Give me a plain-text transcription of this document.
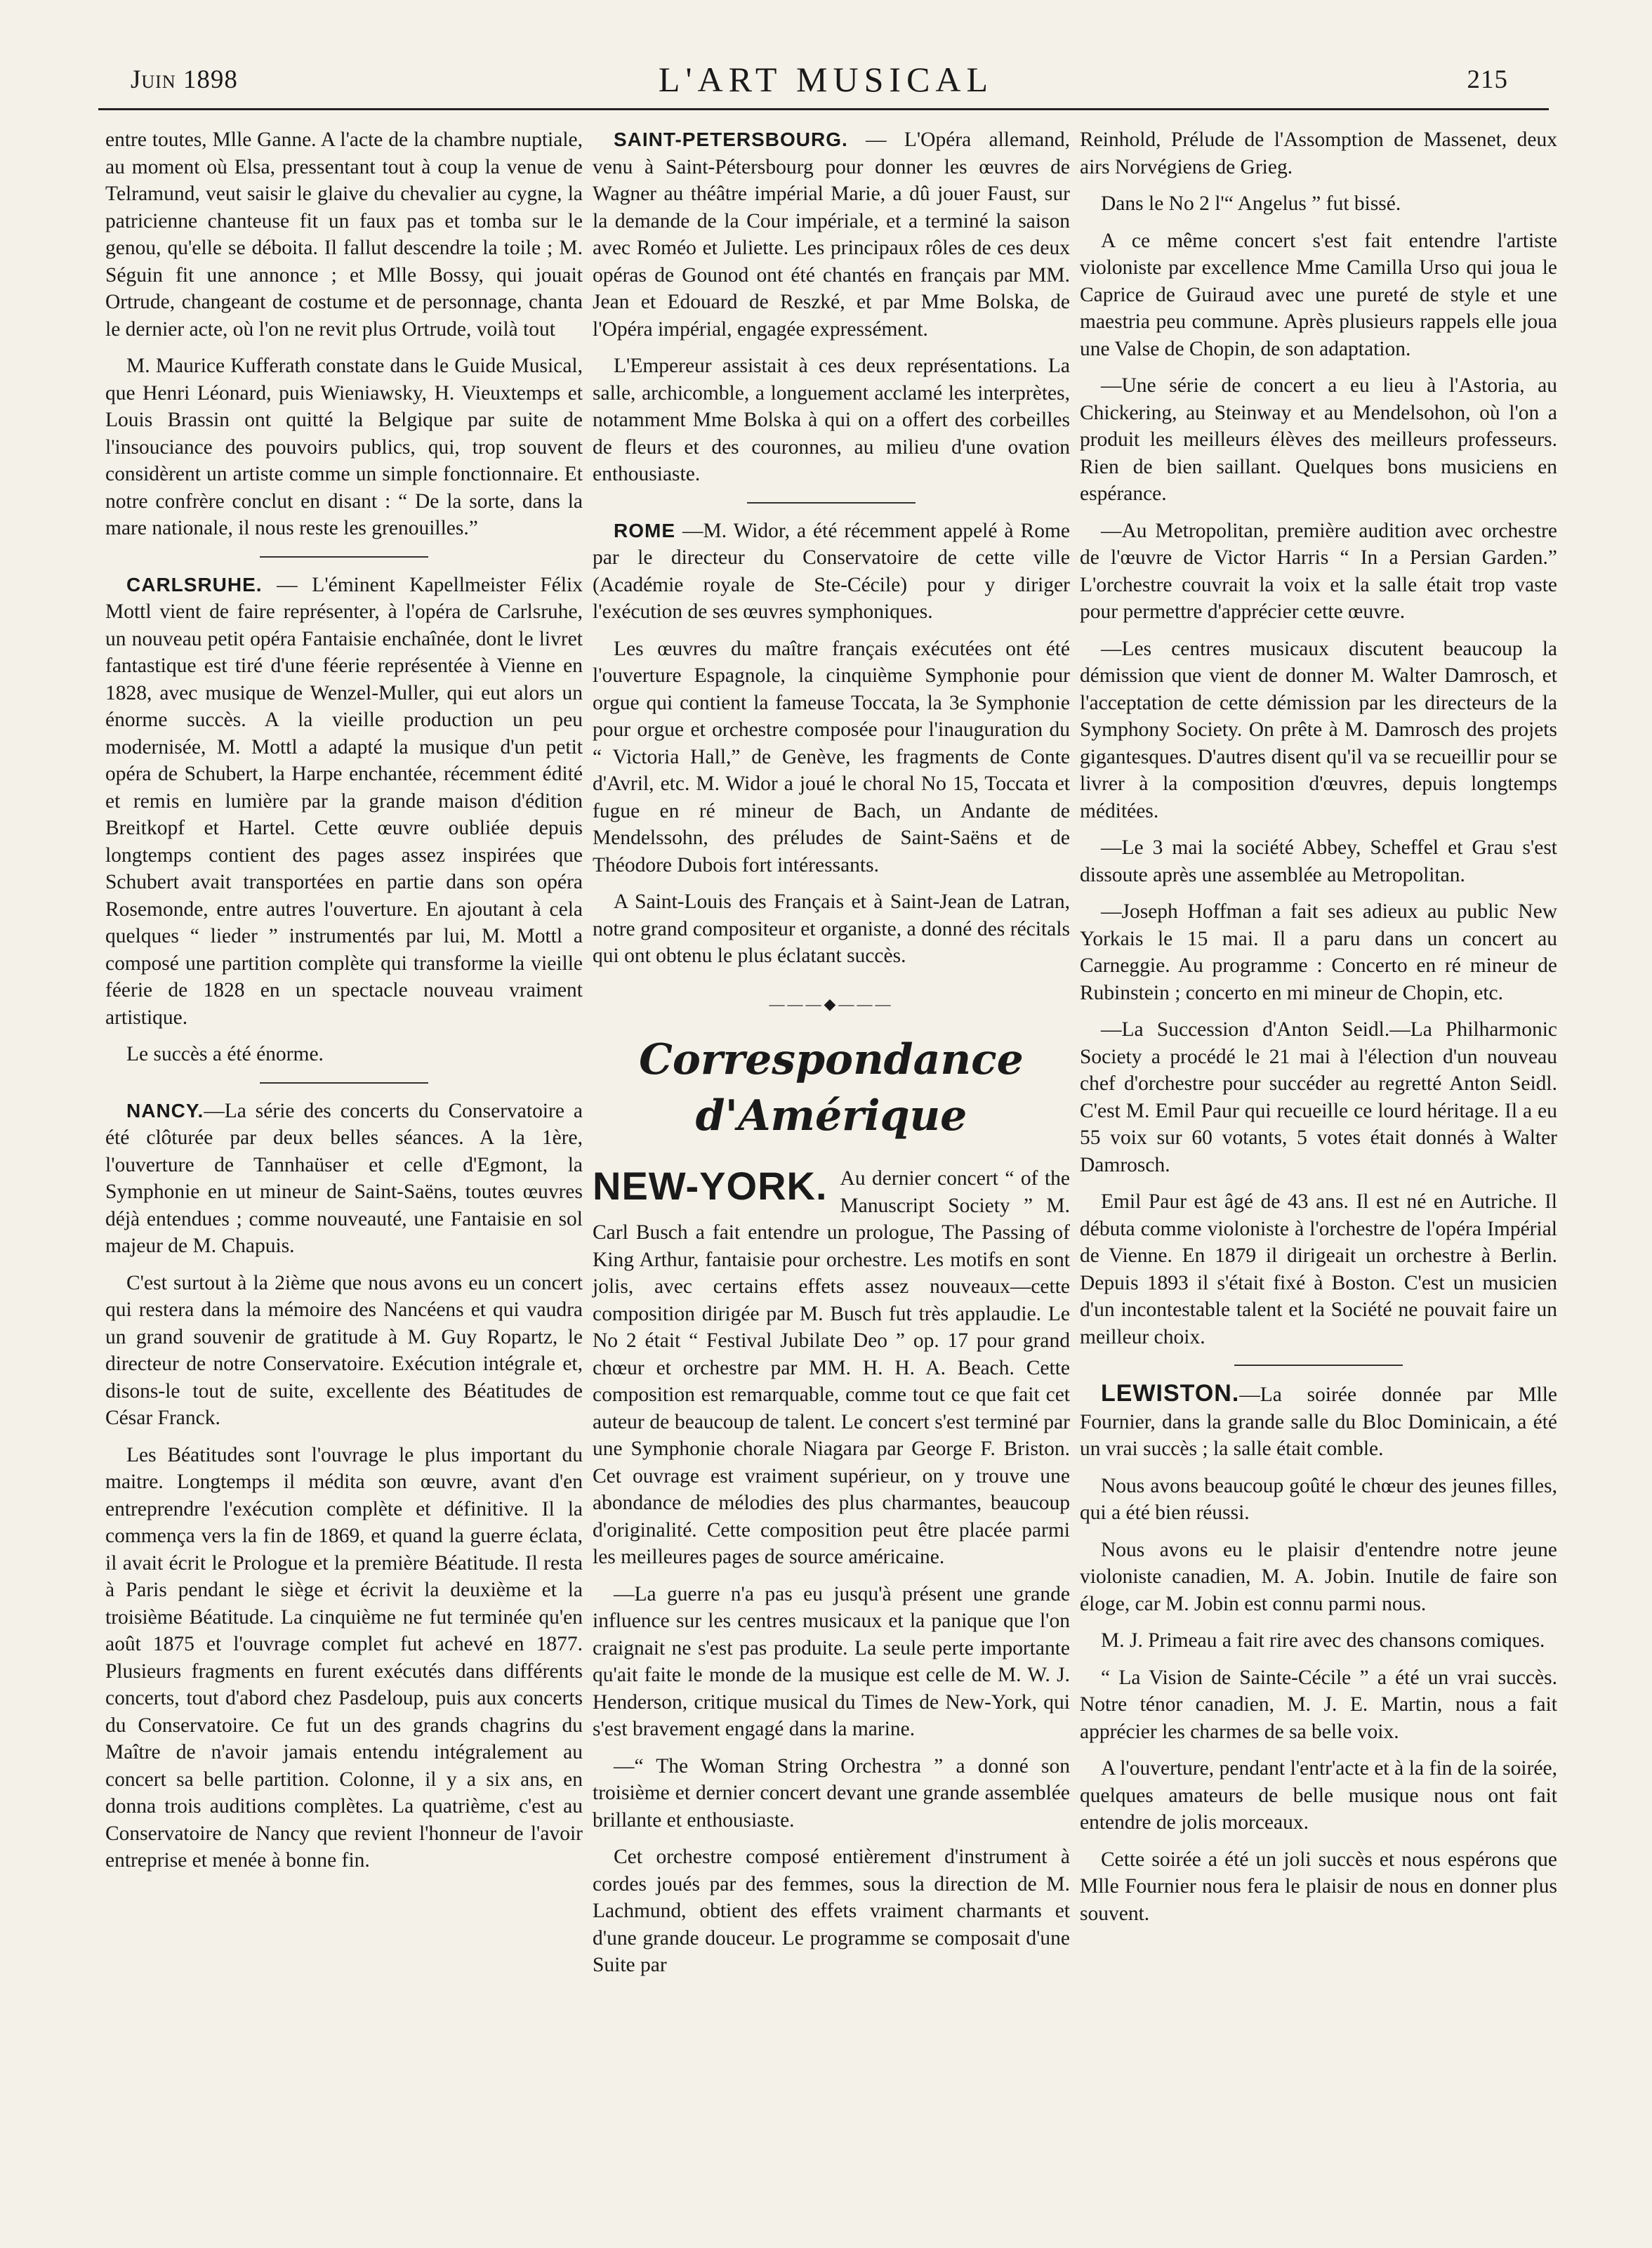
Juin 1898	L'ART MUSICAL	215

entre toutes, Mlle Ganne. A l'acte de la chambre nuptiale, au moment où Elsa, pressentant tout à coup la venue de Telramund, veut saisir le glaive du chevalier au cygne, la patricienne chanteuse fit un faux pas et tomba sur le genou, qu'elle se déboita. Il fallut descendre la toile ; M. Séguin fit une annonce ; et Mlle Bossy, qui jouait Ortrude, changeant de costume et de personnage, chanta le dernier acte, où l'on ne revit plus Ortrude, voilà tout

M. Maurice Kufferath constate dans le Guide Musical, que Henri Léonard, puis Wieniawsky, H. Vieuxtemps et Louis Brassin ont quitté la Belgique par suite de l'insouciance des pouvoirs publics, qui, trop souvent considèrent un artiste comme un simple fonctionnaire. Et notre confrère conclut en disant : “ De la sorte, dans la mare nationale, il nous reste les grenouilles.”

CARLSRUHE. — L'éminent Kapellmeister Félix Mottl vient de faire représenter, à l'opéra de Carlsruhe, un nouveau petit opéra Fantaisie enchaînée, dont le livret fantastique est tiré d'une féerie représentée à Vienne en 1828, avec musique de Wenzel-Muller, qui eut alors un énorme succès. A la vieille production un peu modernisée, M. Mottl a adapté la musique d'un petit opéra de Schubert, la Harpe enchantée, récemment édité et remis en lumière par la grande maison d'édition Breitkopf et Hartel. Cette œuvre oubliée depuis longtemps contient des pages assez inspirées que Schubert avait transportées en partie dans son opéra Rosemonde, entre autres l'ouverture. En ajoutant à cela quelques “ lieder ” instrumentés par lui, M. Mottl a composé une partition complète qui transforme la vieille féerie de 1828 en un spectacle nouveau vraiment artistique.

Le succès a été énorme.

NANCY.—La série des concerts du Conservatoire a été clôturée par deux belles séances. A la 1ère, l'ouverture de Tannhaüser et celle d'Egmont, la Symphonie en ut mineur de Saint-Saëns, toutes œuvres déjà entendues ; comme nouveauté, une Fantaisie en sol majeur de M. Chapuis.

C'est surtout à la 2ième que nous avons eu un concert qui restera dans la mémoire des Nancéens et qui vaudra un grand souvenir de gratitude à M. Guy Ropartz, le directeur de notre Conservatoire. Exécution intégrale et, disons-le tout de suite, excellente des Béatitudes de César Franck.

Les Béatitudes sont l'ouvrage le plus important du maitre. Longtemps il médita son œuvre, avant d'en entreprendre l'exécution complète et définitive. Il la commença vers la fin de 1869, et quand la guerre éclata, il avait écrit le Prologue et la première Béatitude. Il resta à Paris pendant le siège et écrivit la deuxième et la troisième Béatitude. La cinquième ne fut terminée qu'en août 1875 et l'ouvrage complet fut achevé en 1877. Plusieurs fragments en furent exécutés dans différents concerts, tout d'abord chez Pasdeloup, puis aux concerts du Conservatoire. Ce fut un des grands chagrins du Maître de n'avoir jamais entendu intégralement au concert sa belle partition. Colonne, il y a six ans, en donna trois auditions complètes. La quatrième, c'est au Conservatoire de Nancy que revient l'honneur de l'avoir entreprise et menée à bonne fin.

SAINT-PETERSBOURG. — L'Opéra allemand, venu à Saint-Pétersbourg pour donner les œuvres de Wagner au théâtre impérial Marie, a dû jouer Faust, sur la demande de la Cour impériale, et a terminé la saison avec Roméo et Juliette. Les principaux rôles de ces deux opéras de Gounod ont été chantés en français par MM. Jean et Edouard de Reszké, et par Mme Bolska, de l'Opéra impérial, engagée expressément.

L'Empereur assistait à ces deux représentations. La salle, archicomble, a longuement acclamé les interprètes, notamment Mme Bolska à qui on a offert des corbeilles de fleurs et des couronnes, au milieu d'une ovation enthousiaste.

ROME —M. Widor, a été récemment appelé à Rome par le directeur du Conservatoire de cette ville (Académie royale de Ste-Cécile) pour y diriger l'exécution de ses œuvres symphoniques.

Les œuvres du maître français exécutées ont été l'ouverture Espagnole, la cinquième Symphonie pour orgue qui contient la fameuse Toccata, la 3e Symphonie pour orgue et orchestre composée pour l'inauguration du “ Victoria Hall,” de Genève, les fragments de Conte d'Avril, etc. M. Widor a joué le choral No 15, Toccata et fugue en ré mineur de Bach, un Andante de Mendelssohn, des préludes de Saint-Saëns et de Théodore Dubois fort intéressants.

A Saint-Louis des Français et à Saint-Jean de Latran, notre grand compositeur et organiste, a donné des récitals qui ont obtenu le plus éclatant succès.

———◆———
Correspondance d'Amérique

NEW-YORK. Au dernier concert “ of the Manuscript Society ” M. Carl Busch a fait entendre un prologue, The Passing of King Arthur, fantaisie pour orchestre. Les motifs en sont jolis, avec certains effets assez nouveaux—cette composition dirigée par M. Busch fut très applaudie. Le No 2 était “ Festival Jubilate Deo ” op. 17 pour grand chœur et orchestre par MM. H. H. A. Beach. Cette composition est remarquable, comme tout ce que fait cet auteur de beaucoup de talent. Le concert s'est terminé par une Symphonie chorale Niagara par George F. Briston. Cet ouvrage est vraiment supérieur, on y trouve une abondance de mélodies des plus charmantes, beaucoup d'originalité. Cette composition peut être placée parmi les meilleures pages de source américaine.

—La guerre n'a pas eu jusqu'à présent une grande influence sur les centres musicaux et la panique que l'on craignait ne s'est pas produite. La seule perte importante qu'ait faite le monde de la musique est celle de M. W. J. Henderson, critique musical du Times de New-York, qui s'est bravement engagé dans la marine.

—“ The Woman String Orchestra ” a donné son troisième et dernier concert devant une grande assemblée brillante et enthousiaste.

Cet orchestre composé entièrement d'instrument à cordes joués par des femmes, sous la direction de M. Lachmund, obtient des effets vraiment charmants et d'une grande douceur. Le programme se composait d'une Suite par

Reinhold, Prélude de l'Assomption de Massenet, deux airs Norvégiens de Grieg.

Dans le No 2 l'“ Angelus ” fut bissé.

A ce même concert s'est fait entendre l'artiste violoniste par excellence Mme Camilla Urso qui joua le Caprice de Guiraud avec une pureté de style et une maestria peu commune. Après plusieurs rappels elle joua une Valse de Chopin, de son adaptation.

—Une série de concert a eu lieu à l'Astoria, au Chickering, au Steinway et au Mendelsohon, où l'on a produit les meilleurs élèves des meilleurs professeurs. Rien de bien saillant. Quelques bons musiciens en espérance.

—Au Metropolitan, première audition avec orchestre de l'œuvre de Victor Harris “ In a Persian Garden.” L'orchestre couvrait la voix et la salle était trop vaste pour permettre d'apprécier cette œuvre.

—Les centres musicaux discutent beaucoup la démission que vient de donner M. Walter Damrosch, et l'acceptation de cette démission par les directeurs de la Symphony Society. On prête à M. Damrosch des projets gigantesques. D'autres disent qu'il va se recueillir pour se livrer à la composition d'œuvres, depuis longtemps méditées.

—Le 3 mai la société Abbey, Scheffel et Grau s'est dissoute après une assemblée au Metropolitan.

—Joseph Hoffman a fait ses adieux au public New Yorkais le 15 mai. Il a paru dans un concert au Carneggie. Au programme : Concerto en ré mineur de Rubinstein ; concerto en mi mineur de Chopin, etc.

—La Succession d'Anton Seidl.—La Philharmonic Society a procédé le 21 mai à l'élection d'un nouveau chef d'orchestre pour succéder au regretté Anton Seidl. C'est M. Emil Paur qui recueille ce lourd héritage. Il a eu 55 voix sur 60 votants, 5 votes était donnés à Walter Damrosch.

Emil Paur est âgé de 43 ans. Il est né en Autriche. Il débuta comme violoniste à l'orchestre de l'opéra Impérial de Vienne. En 1879 il dirigeait un orchestre à Berlin. Depuis 1893 il s'était fixé à Boston. C'est un musicien d'un incontestable talent et la Société ne pouvait faire un meilleur choix.

LEWISTON.—La soirée donnée par Mlle Fournier, dans la grande salle du Bloc Dominicain, a été un vrai succès ; la salle était comble.

Nous avons beaucoup goûté le chœur des jeunes filles, qui a été bien réussi.

Nous avons eu le plaisir d'entendre notre jeune violoniste canadien, M. A. Jobin. Inutile de faire son éloge, car M. Jobin est connu parmi nous.

M. J. Primeau a fait rire avec des chansons comiques.

“ La Vision de Sainte-Cécile ” a été un vrai succès. Notre ténor canadien, M. J. E. Martin, nous a fait apprécier les charmes de sa belle voix.

A l'ouverture, pendant l'entr'acte et à la fin de la soirée, quelques amateurs de belle musique nous ont fait entendre de jolis morceaux.

Cette soirée a été un joli succès et nous espérons que Mlle Fournier nous fera le plaisir de nous en donner plus souvent.
